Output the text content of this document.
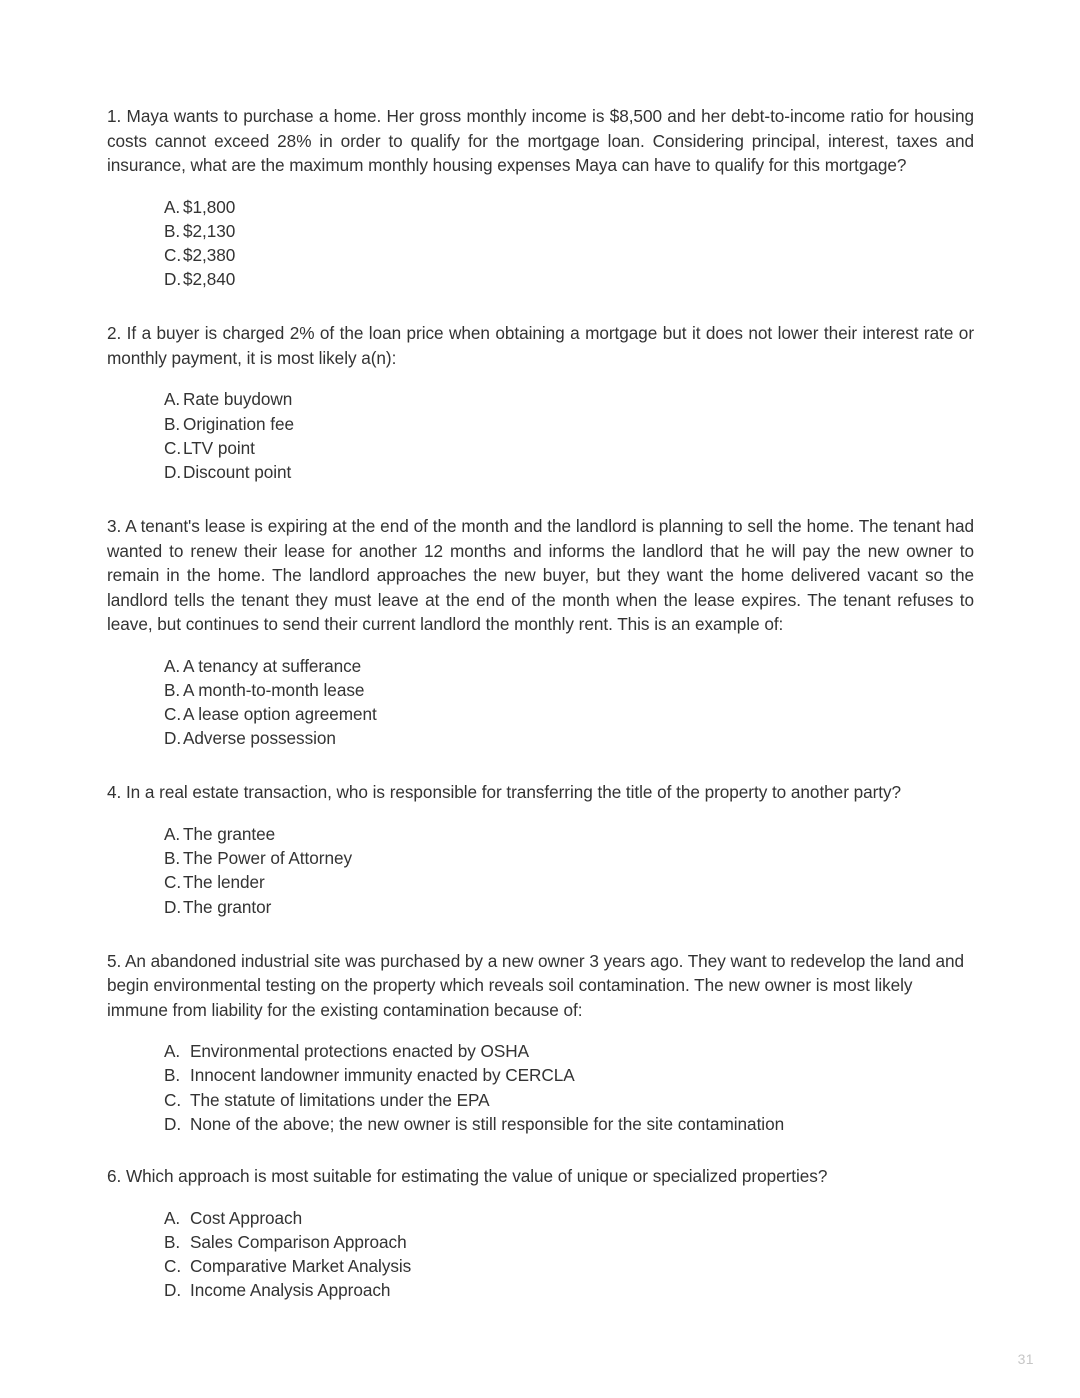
1. Maya wants to purchase a home. Her gross monthly income is $8,500 and her debt-to-income ratio for housing costs cannot exceed 28% in order to qualify for the mortgage loan. Considering principal, interest, taxes and insurance, what are the maximum monthly housing expenses Maya can have to qualify for this mortgage?

A. $1,800
B. $2,130
C. $2,380
D. $2,840

2. If a buyer is charged 2% of the loan price when obtaining a mortgage but it does not lower their interest rate or monthly payment, it is most likely a(n):

A. Rate buydown
B. Origination fee
C. LTV point
D. Discount point

3. A tenant's lease is expiring at the end of the month and the landlord is planning to sell the home. The tenant had wanted to renew their lease for another 12 months and informs the landlord that he will pay the new owner to remain in the home. The landlord approaches the new buyer, but they want the home delivered vacant so the landlord tells the tenant they must leave at the end of the month when the lease expires. The tenant refuses to leave, but continues to send their current landlord the monthly rent. This is an example of:

A. A tenancy at sufferance
B. A month-to-month lease
C. A lease option agreement
D. Adverse possession

4. In a real estate transaction, who is responsible for transferring the title of the property to another party?

A. The grantee
B. The Power of Attorney
C. The lender
D. The grantor

5. An abandoned industrial site was purchased by a new owner 3 years ago. They want to redevelop the land and begin environmental testing on the property which reveals soil contamination. The new owner is most likely immune from liability for the existing contamination because of:

A. Environmental protections enacted by OSHA
B. Innocent landowner immunity enacted by CERCLA
C. The statute of limitations under the EPA
D. None of the above; the new owner is still responsible for the site contamination

6. Which approach is most suitable for estimating the value of unique or specialized properties?

A. Cost Approach
B. Sales Comparison Approach
C. Comparative Market Analysis
D. Income Analysis Approach
31
